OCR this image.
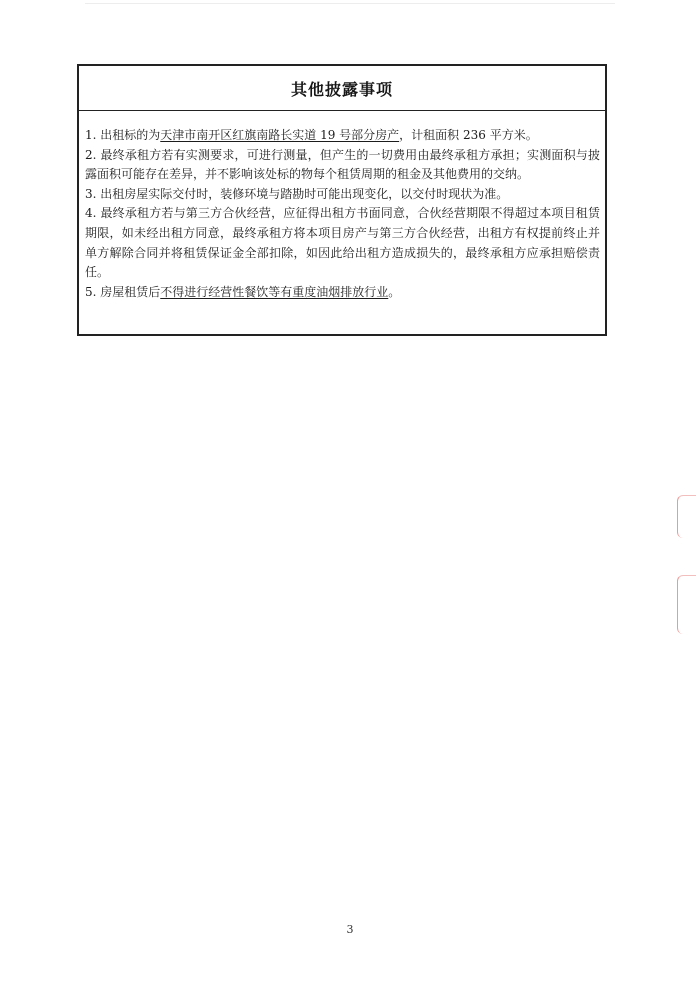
其他披露事项

1. 出租标的为天津市南开区红旗南路长实道 19 号部分房产，计租面积 236 平方米。

2. 最终承租方若有实测要求，可进行测量，但产生的一切费用由最终承租方承担；实测面积与披露面积可能存在差异，并不影响该处标的物每个租赁周期的租金及其他费用的交纳。

3. 出租房屋实际交付时，装修环境与踏勘时可能出现变化，以交付时现状为准。

4. 最终承租方若与第三方合伙经营，应征得出租方书面同意，合伙经营期限不得超过本项目租赁期限，如未经出租方同意，最终承租方将本项目房产与第三方合伙经营，出租方有权提前终止并单方解除合同并将租赁保证金全部扣除，如因此给出租方造成损失的，最终承租方应承担赔偿责任。

5. 房屋租赁后不得进行经营性餐饮等有重度油烟排放行业。

3
